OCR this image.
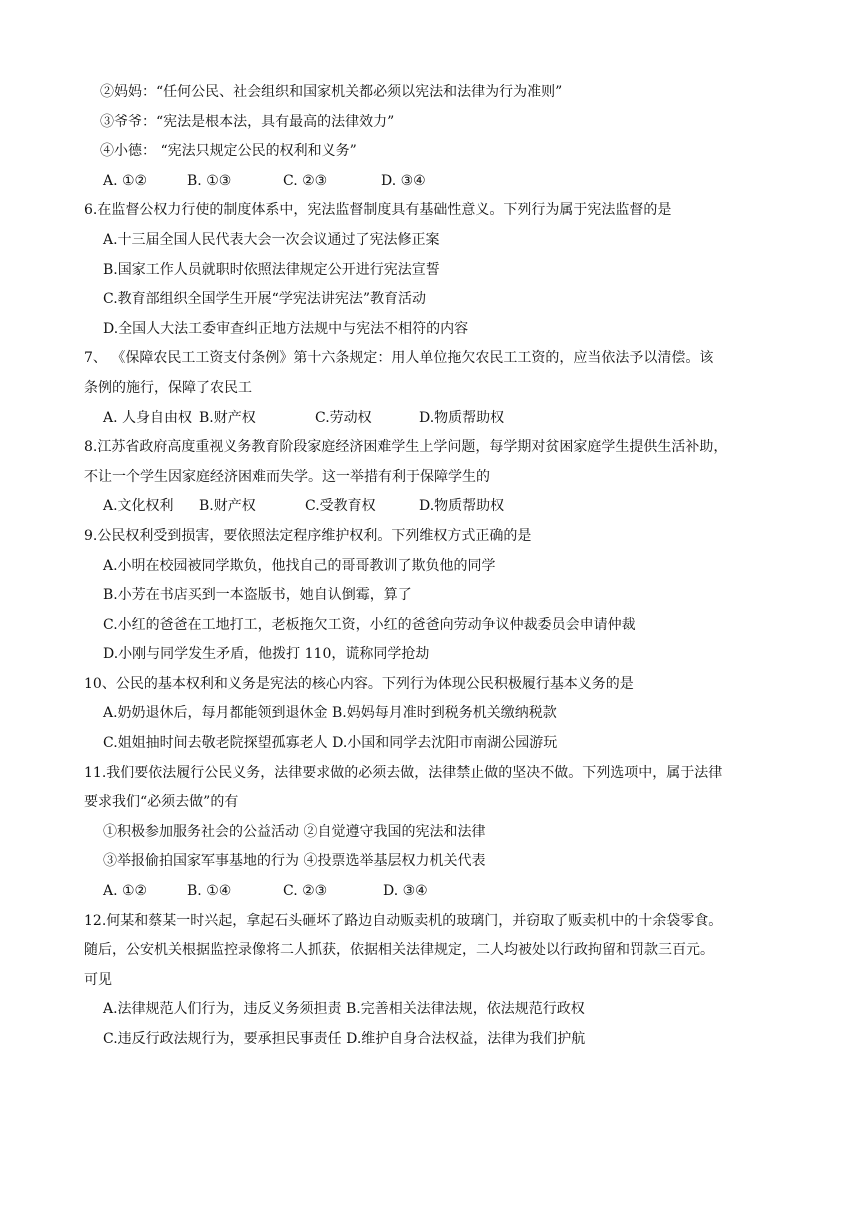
②妈妈：“任何公民、社会组织和国家机关都必须以宪法和法律为行为准则”
③爷爷：“宪法是根本法，具有最高的法律效力”
④小德： “宪法只规定公民的权利和义务”
A. ①②	B. ①③	C. ②③	D. ③④
6.在监督公权力行使的制度体系中，宪法监督制度具有基础性意义。下列行为属于宪法监督的是
A.十三届全国人民代表大会一次会议通过了宪法修正案
B.国家工作人员就职时依照法律规定公开进行宪法宣誓
C.教育部组织全国学生开展“学宪法讲宪法”教育活动
D.全国人大法工委审查纠正地方法规中与宪法不相符的内容
7、 《保障农民工工资支付条例》第十六条规定：用人单位拖欠农民工工资的，应当依法予以清偿。该
条例的施行，保障了农民工
A. 人身自由权 B.财产权	C.劳动权	D.物质帮助权
8.江苏省政府高度重视义务教育阶段家庭经济困难学生上学问题，每学期对贫困家庭学生提供生活补助，
不让一个学生因家庭经济困难而失学。这一举措有利于保障学生的
A.文化权利 B.财产权	C.受教育权	D.物质帮助权
9.公民权利受到损害，要依照法定程序维护权利。下列维权方式正确的是
A.小明在校园被同学欺负，他找自己的哥哥教训了欺负他的同学
B.小芳在书店买到一本盗版书，她自认倒霉，算了
C.小红的爸爸在工地打工，老板拖欠工资，小红的爸爸向劳动争议仲裁委员会申请仲裁
D.小刚与同学发生矛盾，他拨打 110，谎称同学抢劫
10、公民的基本权利和义务是宪法的核心内容。下列行为体现公民积极履行基本义务的是
A.奶奶退休后，每月都能领到退休金 B.妈妈每月准时到税务机关缴纳税款
C.姐姐抽时间去敬老院探望孤寡老人 D.小国和同学去沈阳市南湖公园游玩
11.我们要依法履行公民义务，法律要求做的必须去做，法律禁止做的坚决不做。下列选项中，属于法律
要求我们“必须去做”的有
①积极参加服务社会的公益活动 ②自觉遵守我国的宪法和法律
③举报偷拍国家军事基地的行为 ④投票选举基层权力机关代表
A. ①②	B. ①④	C. ②③	D. ③④
12.何某和蔡某一时兴起，拿起石头砸坏了路边自动贩卖机的玻璃门，并窃取了贩卖机中的十余袋零食。
随后，公安机关根据监控录像将二人抓获，依据相关法律规定，二人均被处以行政拘留和罚款三百元。
可见
A.法律规范人们行为，违反义务须担责 B.完善相关法律法规，依法规范行政权
C.违反行政法规行为，要承担民事责任 D.维护自身合法权益，法律为我们护航
